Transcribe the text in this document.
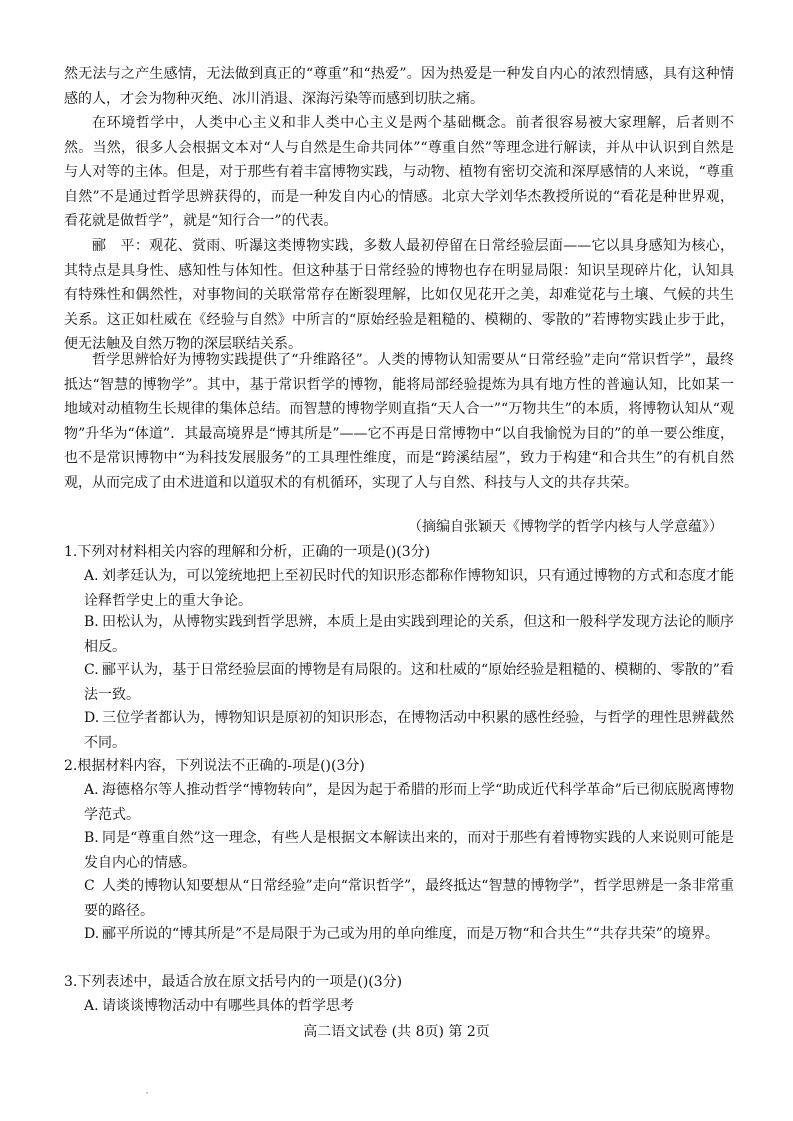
然无法与之产生感情，无法做到真正的“尊重”和“热爱”。因为热爱是一种发自内心的浓烈情感，具有这种情感的人，才会为物种灭绝、冰川消退、深海污染等而感到切肤之痛。

在环境哲学中，人类中心主义和非人类中心主义是两个基础概念。前者很容易被大家理解，后者则不然。当然，很多人会根据文本对“人与自然是生命共同体”“尊重自然”等理念进行解读，并从中认识到自然是与人对等的主体。但是，对于那些有着丰富博物实践，与动物、植物有密切交流和深厚感情的人来说，“尊重自然”不是通过哲学思辨获得的，而是一种发自内心的情感。北京大学刘华杰教授所说的“看花是种世界观，看花就是做哲学”，就是“知行合一”的代表。

郦　平：观花、赏雨、听瀑这类博物实践，多数人最初停留在日常经验层面——它以具身感知为核心，其特点是具身性、感知性与体知性。但这种基于日常经验的博物也存在明显局限：知识呈现碎片化，认知具有特殊性和偶然性，对事物间的关联常常存在断裂理解，比如仅见花开之美，却难觉花与土壤、气候的共生关系。这正如杜威在《经验与自然》中所言的“原始经验是粗糙的、模糊的、零散的”若博物实践止步于此，便无法触及自然万物的深层联结关系。

哲学思辨恰好为博物实践提供了“升维路径”。人类的博物认知需要从“日常经验”走向“常识哲学”，最终抵达“智慧的博物学”。其中，基于常识哲学的博物，能将局部经验提炼为具有地方性的普遍认知，比如某一地域对动植物生长规律的集体总结。而智慧的博物学则直指“天人合一”“万物共生”的本质，将博物认知从“观物”升华为“体道”．其最高境界是“博其所是”——它不再是日常博物中“以自我愉悦为目的”的单一要公维度，也不是常识博物中“为科技发展服务”的工具理性维度，而是“跨溪结屋”，致力于构建“和合共生”的有机自然观，从而完成了由术进道和以道驭术的有机循环，实现了人与自然、科技与人文的共存共荣。

（摘编自张颖天《博物学的哲学内核与人学意蕴》）

1.下列对材料相关内容的理解和分析，正确的一项是()(3分)

A. 刘孝廷认为，可以笼统地把上至初民时代的知识形态都称作博物知识，只有通过博物的方式和态度才能诠释哲学史上的重大争论。
B. 田松认为，从博物实践到哲学思辨，本质上是由实践到理论的关系，但这和一般科学发现方法论的顺序相反。
C. 郦平认为，基于日常经验层面的博物是有局限的。这和杜威的“原始经验是粗糙的、模糊的、零散的”看法一致。
D. 三位学者都认为，博物知识是原初的知识形态，在博物活动中积累的感性经验，与哲学的理性思辨截然不同。

2.根据材料内容，下列说法不正确的-项是()(3分)

A. 海德格尔等人推动哲学“博物转向”，是因为起于希腊的形而上学“助成近代科学革命”后已彻底脱离博物学范式。
B. 同是“尊重自然”这一理念，有些人是根据文本解读出来的，而对于那些有着博物实践的人来说则可能是发自内心的情感。
C 人类的博物认知要想从“日常经验”走向“常识哲学”，最终抵达“智慧的博物学”，哲学思辨是一条非常重要的路径。
D. 郦平所说的“博其所是”不是局限于为己或为用的单向维度，而是万物“和合共生”“共存共荣”的境界。

3.下列表述中，最适合放在原文括号内的一项是()(3分)

A. 请谈谈博物活动中有哪些具体的哲学思考

高二语文试卷 (共 8页) 第 2页
